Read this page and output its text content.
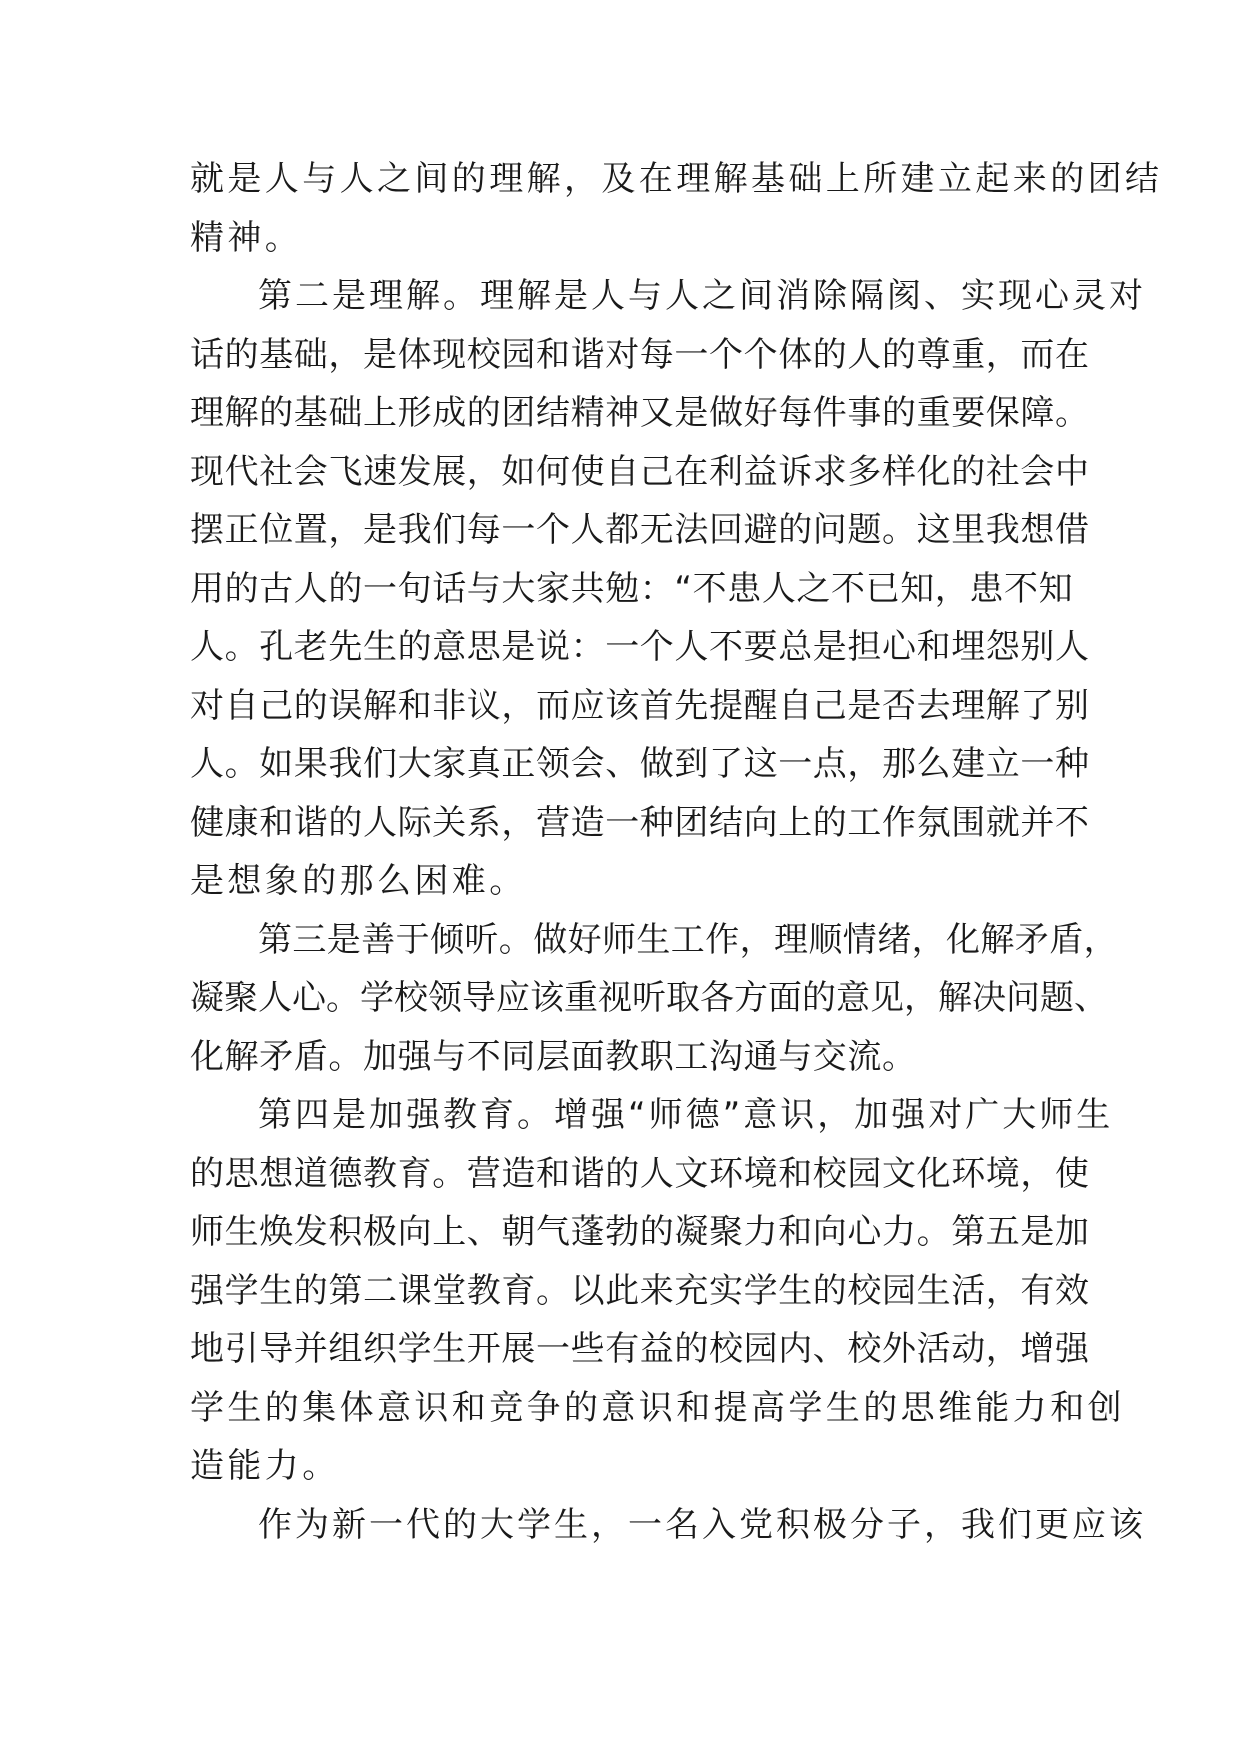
就是人与人之间的理解，及在理解基础上所建立起来的团结
精神。
第二是理解。理解是人与人之间消除隔阂、实现心灵对
话的基础，是体现校园和谐对每一个个体的人的尊重，而在
理解的基础上形成的团结精神又是做好每件事的重要保障。
现代社会飞速发展，如何使自己在利益诉求多样化的社会中
摆正位置，是我们每一个人都无法回避的问题。这里我想借
用的古人的一句话与大家共勉：“不患人之不已知，患不知
人。孔老先生的意思是说：一个人不要总是担心和埋怨别人
对自己的误解和非议，而应该首先提醒自己是否去理解了别
人。如果我们大家真正领会、做到了这一点，那么建立一种
健康和谐的人际关系，营造一种团结向上的工作氛围就并不
是想象的那么困难。
第三是善于倾听。做好师生工作，理顺情绪，化解矛盾，
凝聚人心。学校领导应该重视听取各方面的意见，解决问题、
化解矛盾。加强与不同层面教职工沟通与交流。
第四是加强教育。增强“师德”意识，加强对广大师生
的思想道德教育。营造和谐的人文环境和校园文化环境，使
师生焕发积极向上、朝气蓬勃的凝聚力和向心力。第五是加
强学生的第二课堂教育。以此来充实学生的校园生活，有效
地引导并组织学生开展一些有益的校园内、校外活动，增强
学生的集体意识和竞争的意识和提高学生的思维能力和创
造能力。
作为新一代的大学生，一名入党积极分子，我们更应该
